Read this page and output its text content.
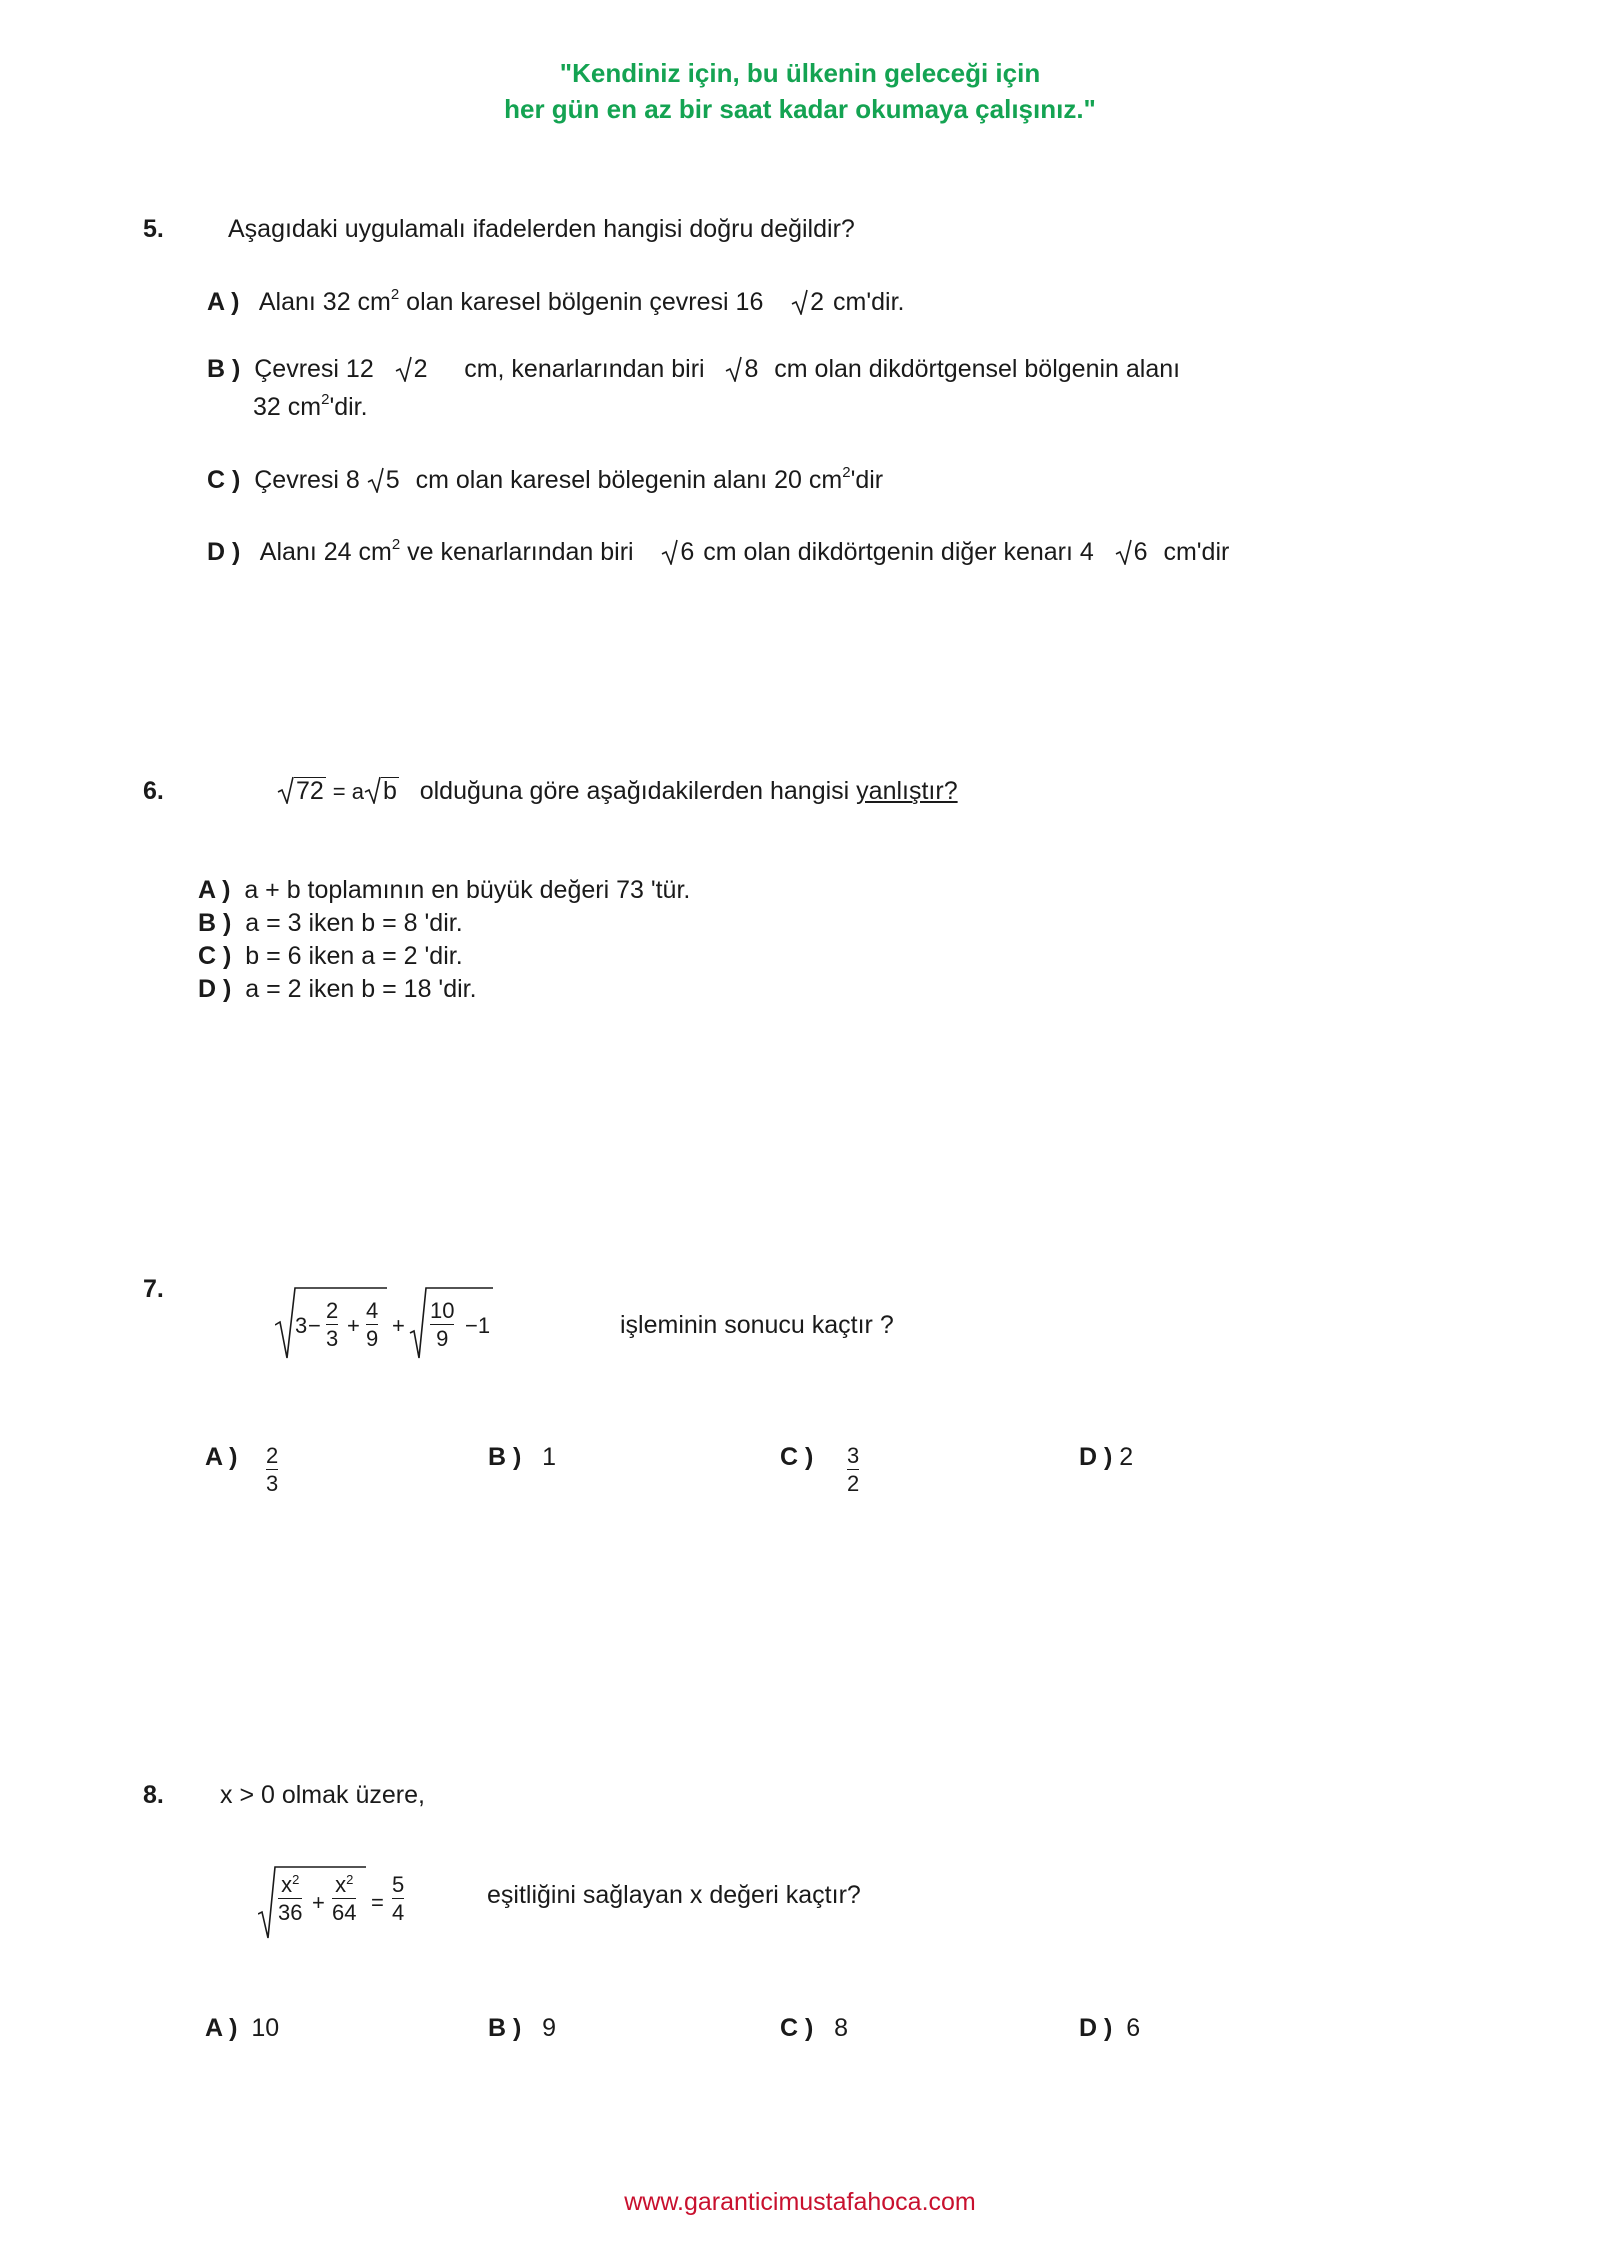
"Kendiniz için, bu ülkenin geleceği için
her gün en az bir saat kadar okumaya çalışınız."
5.	Aşagıdaki uygulamalı ifadelerden hangisi doğru değildir?
A ) Alanı 32 $cm^2$ olan karesel bölgenin çevresi 16 2 cm'dir.
B ) Çevresi 12 2 cm, kenarlarından biri 8 cm olan dikdörtgensel bölgenin alanı
32 $cm^2'dir$.
C ) Çevresi 8 5 cm olan karesel bölegenin alanı 20 $cm^2'dir$
D ) Alanı 24 $cm^2$ ve kenarlarından biri 6 cm olan dikdörtgenin diğer kenarı 4 6 cm'dir
6.	72 = a b olduğuna göre aşağıdakilerden hangisi yanlıştır?
A ) a + b toplamının en büyük değeri 73 'tür.
B ) a = 3 iken b = 8 'dir.
C ) b = 6 iken a = 2 'dir.
D ) a = 2 iken b = 18 'dir.
7.
3 −
2
3
+
4
9
+
10
9
−1	işleminin sonucu kaçtır ?
A ) 2
3
B ) 1	C ) 3
2
D ) 2
8. x > 0 olmak üzere,
$x^2$
36 +
$x^2$
64 =
5
4
eşitliğini sağlayan x değeri kaçtır?
A ) 10	B ) 9	C ) 8	D ) 6
www.garanticimustafahoca.com
